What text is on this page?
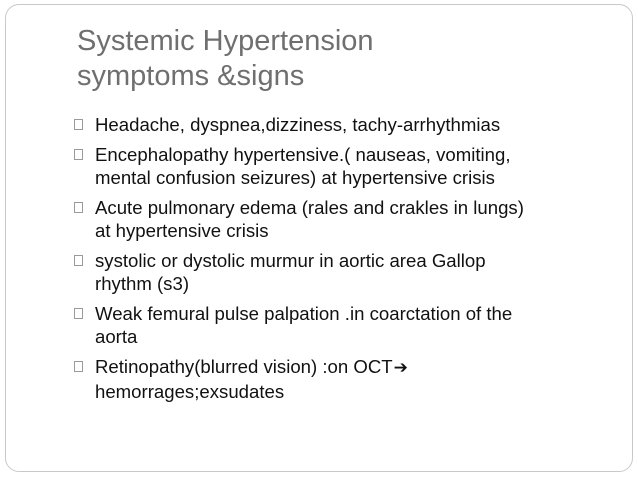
Systemic Hypertension
symptoms &signs
Headache, dyspnea,dizziness, tachy-arrhythmias
Encephalopathy hypertensive.( nauseas, vomiting,
mental confusion seizures) at hypertensive crisis
Acute pulmonary edema (rales and crakles in lungs)
at hypertensive crisis
systolic or dystolic murmur in aortic area Gallop
rhythm (s3)
Weak femural pulse palpation .in coarctation of the
aorta
Retinopathy(blurred vision) :on OCT➔
hemorrages;exsudates
